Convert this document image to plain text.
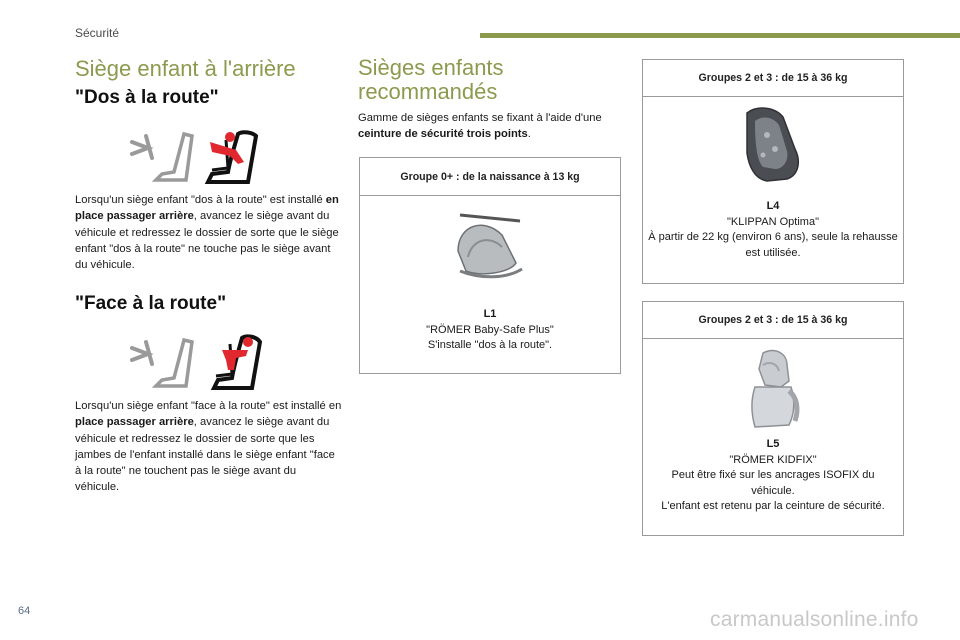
Sécurité
Siège enfant à l'arrière
"Dos à la route"

Lorsqu'un siège enfant "dos à la route" est installé en place passager arrière, avancez le siège avant du véhicule et redressez le dossier de sorte que le siège enfant "dos à la route" ne touche pas le siège avant du véhicule.

"Face à la route"

Lorsqu'un siège enfant "face à la route" est installé en place passager arrière, avancez le siège avant du véhicule et redressez le dossier de sorte que les jambes de l'enfant installé dans le siège enfant "face à la route" ne touchent pas le siège avant du véhicule.

Sièges enfants recommandés

Gamme de sièges enfants se fixant à l'aide d'une ceinture de sécurité trois points.

Groupe 0+ : de la naissance à 13 kg
L1
"RÖMER Baby-Safe Plus"
S'installe "dos à la route".
Groupes 2 et 3 : de 15 à 36 kg
L4
"KLIPPAN Optima"
À partir de 22 kg (environ 6 ans), seule la rehausse est utilisée.
Groupes 2 et 3 : de 15 à 36 kg
L5
"RÖMER KIDFIX"
Peut être fixé sur les ancrages ISOFIX du véhicule.
L'enfant est retenu par la ceinture de sécurité.
64	carmanualsonline.info
